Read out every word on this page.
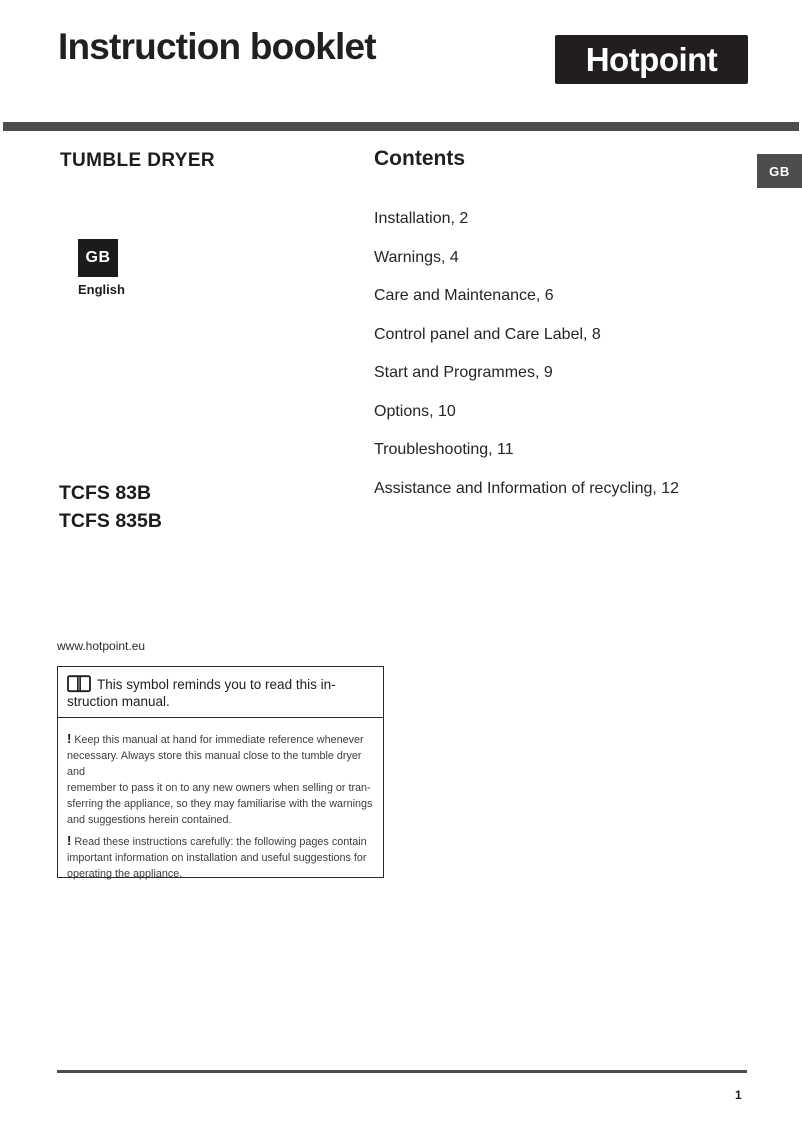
Instruction booklet	Hotpoint
TUMBLE DRYER
GB
English
TCFS 83B
TCFS 835B
www.hotpoint.eu
This symbol reminds you to read this in-
struction manual.
! Keep this manual at hand for immediate reference whenever
necessary. Always store this manual close to the tumble dryer and
remember to pass it on to any new owners when selling or tran-
sferring the appliance, so they may familiarise with the warnings
and suggestions herein contained.
! Read these instructions carefully: the following pages contain
important information on installation and useful suggestions for
operating the appliance.
Contents
Installation, 2
Warnings, 4
Care and Maintenance, 6
Control panel and Care Label, 8
Start and Programmes, 9
Options, 10
Troubleshooting, 11
Assistance and Information of recycling, 12
GB
1
